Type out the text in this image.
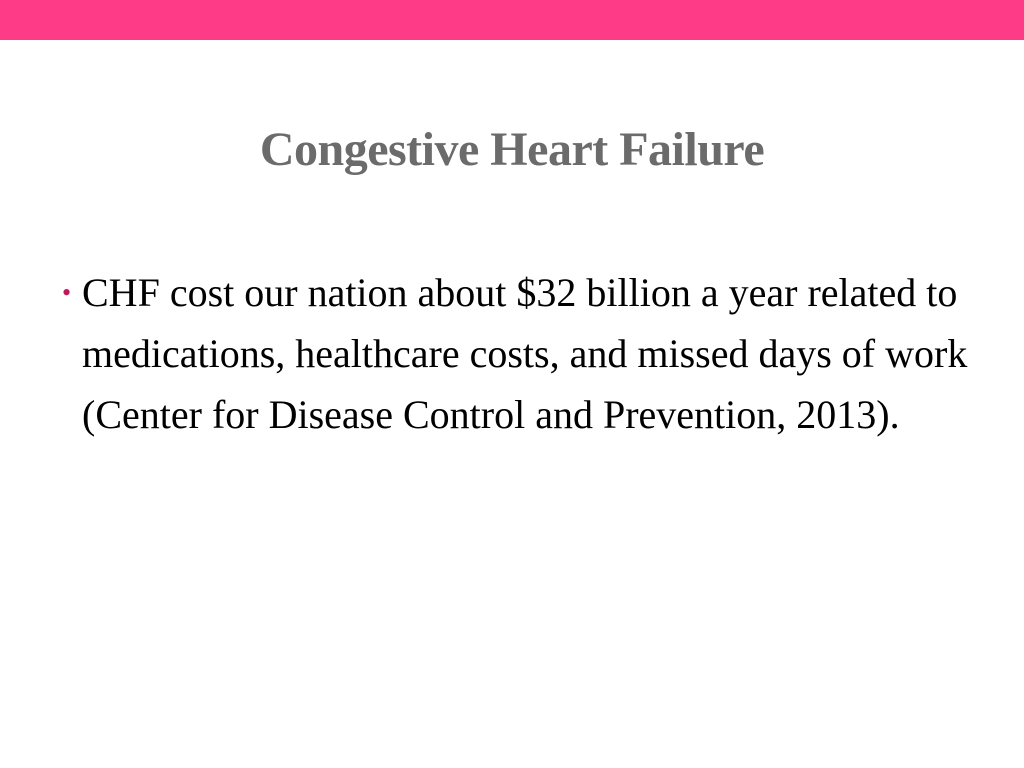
Congestive Heart Failure
• CHF cost our nation about $32 billion a year related to medications, healthcare costs, and missed days of work (Center for Disease Control and Prevention, 2013).
